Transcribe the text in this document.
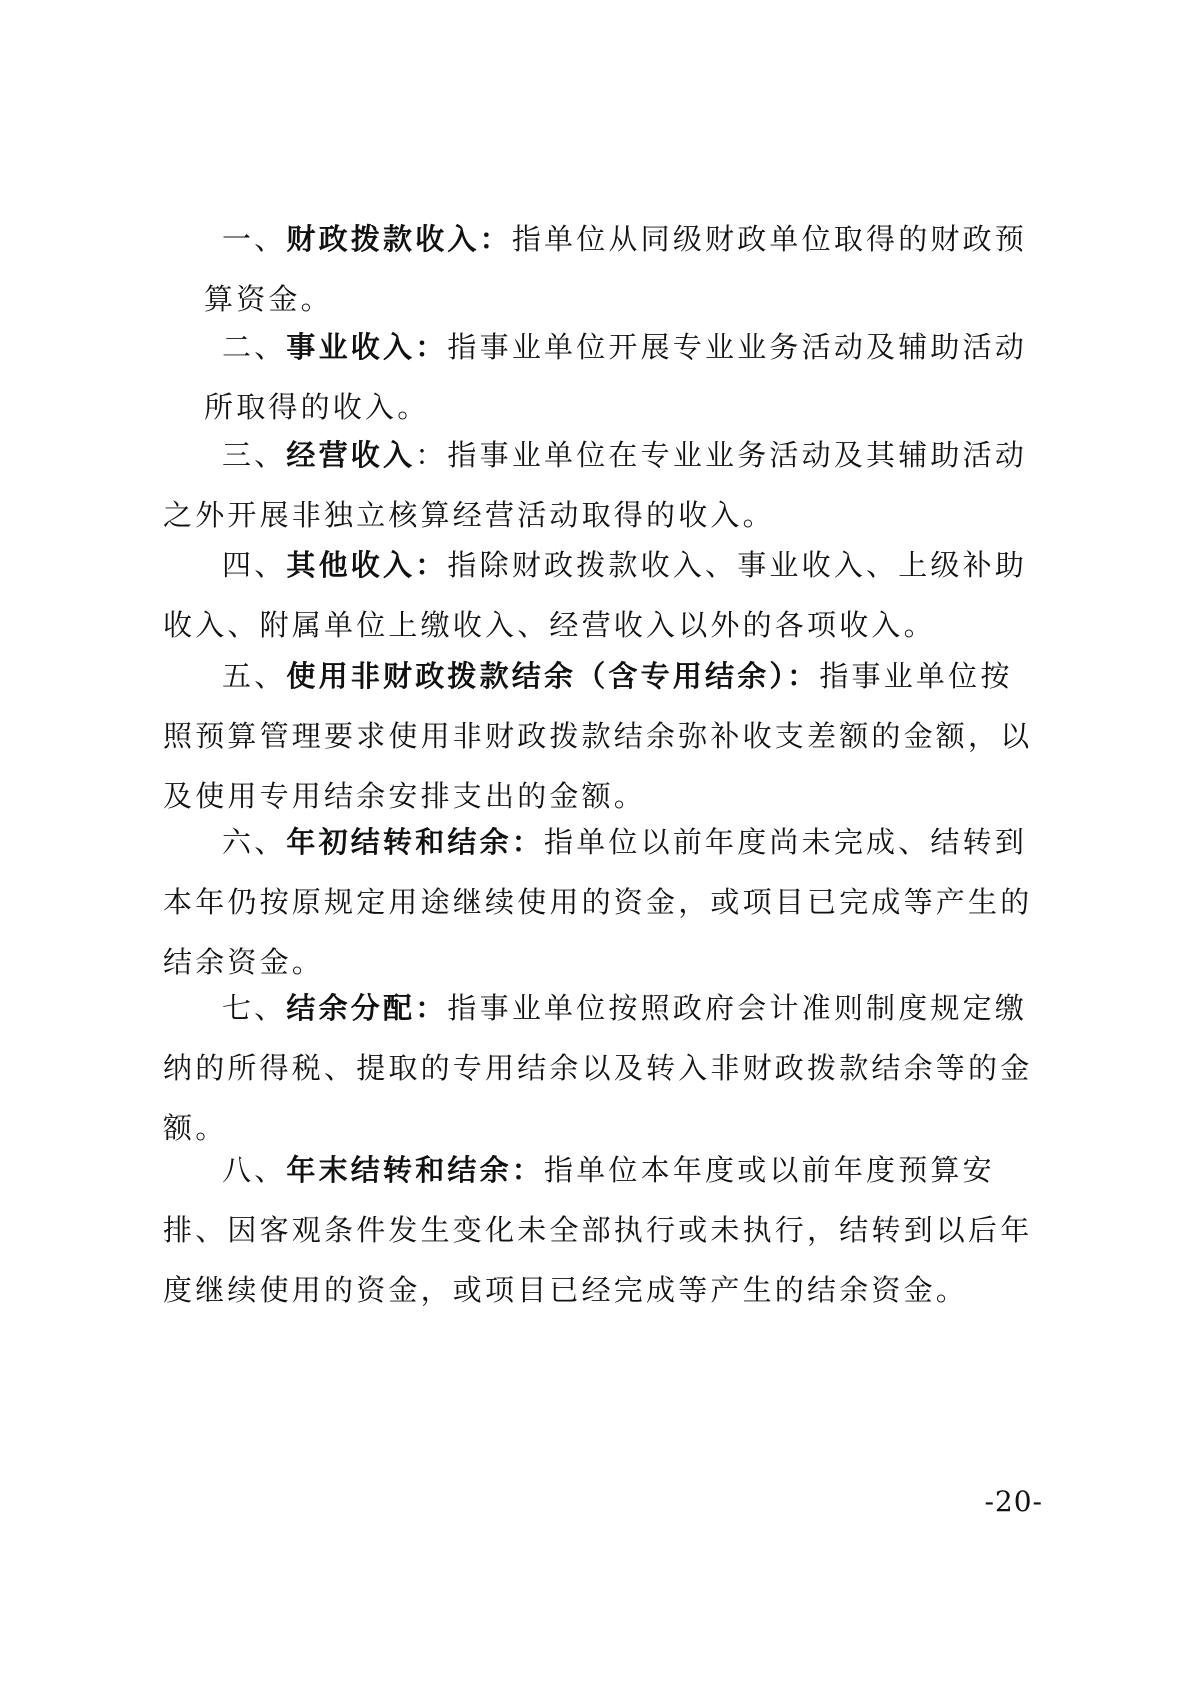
一、财政拨款收入：指单位从同级财政单位取得的财政预算资金。

二、事业收入：指事业单位开展专业业务活动及辅助活动所取得的收入。

三、经营收入：指事业单位在专业业务活动及其辅助活动之外开展非独立核算经营活动取得的收入。

四、其他收入：指除财政拨款收入、事业收入、上级补助收入、附属单位上缴收入、经营收入以外的各项收入。

五、使用非财政拨款结余（含专用结余）：指事业单位按照预算管理要求使用非财政拨款结余弥补收支差额的金额，以及使用专用结余安排支出的金额。

六、年初结转和结余：指单位以前年度尚未完成、结转到本年仍按原规定用途继续使用的资金，或项目已完成等产生的结余资金。

七、结余分配：指事业单位按照政府会计准则制度规定缴纳的所得税、提取的专用结余以及转入非财政拨款结余等的金额。

八、年末结转和结余：指单位本年度或以前年度预算安排、因客观条件发生变化未全部执行或未执行，结转到以后年度继续使用的资金，或项目已经完成等产生的结余资金。

-20-
